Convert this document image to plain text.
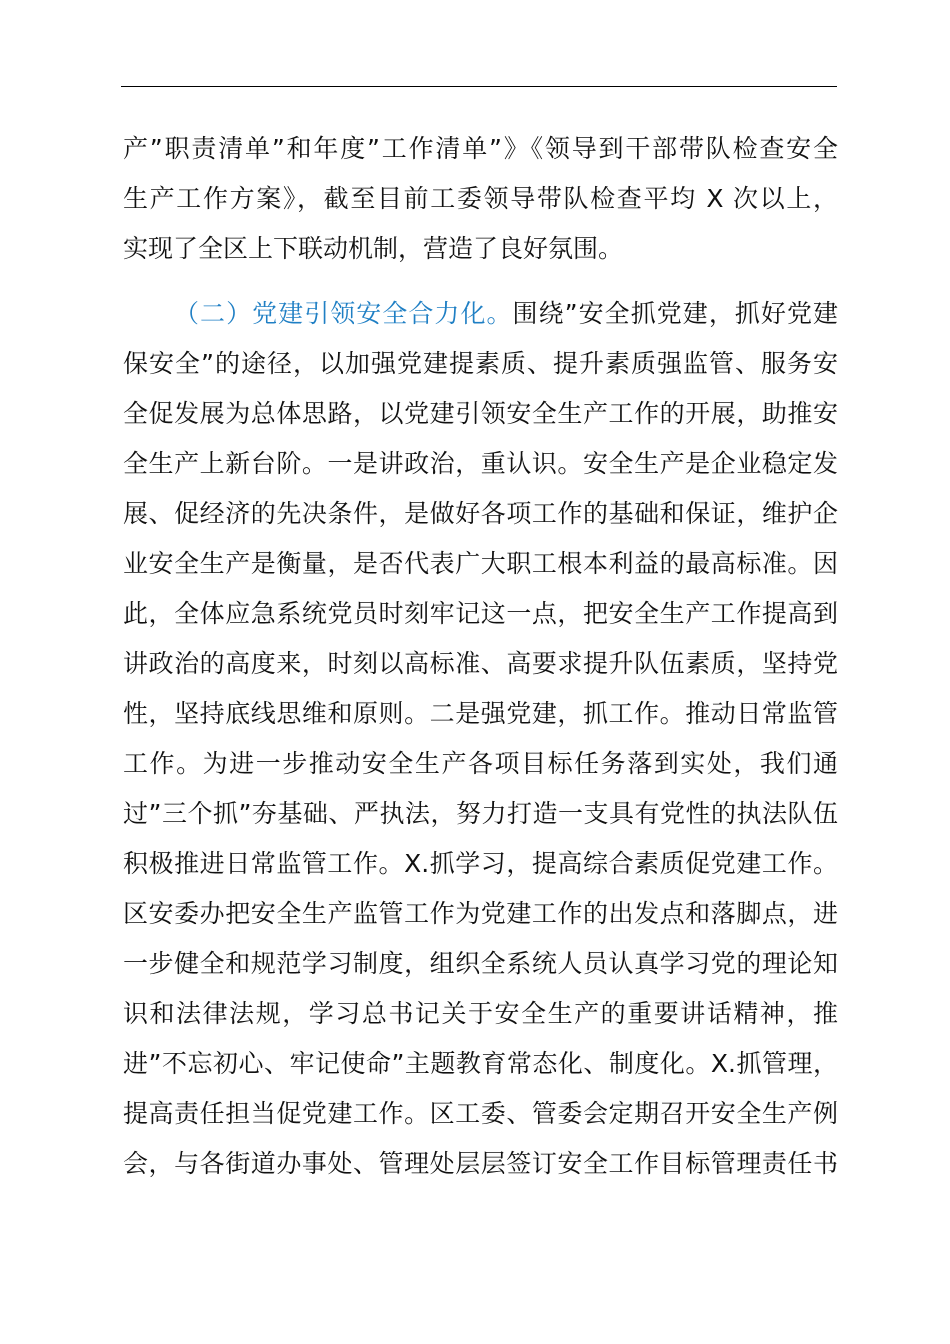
产”职责清单”和年度”工作清单”》《领导到干部带队检查安全
生产工作方案》，截至目前工委领导带队检查平均 X 次以上，
实现了全区上下联动机制，营造了良好氛围。
（二）党建引领安全合力化。围绕”安全抓党建，抓好党建
保安全”的途径，以加强党建提素质、提升素质强监管、服务安
全促发展为总体思路，以党建引领安全生产工作的开展，助推安
全生产上新台阶。一是讲政治，重认识。安全生产是企业稳定发
展、促经济的先决条件，是做好各项工作的基础和保证，维护企
业安全生产是衡量，是否代表广大职工根本利益的最高标准。因
此，全体应急系统党员时刻牢记这一点，把安全生产工作提高到
讲政治的高度来，时刻以高标准、高要求提升队伍素质，坚持党
性，坚持底线思维和原则。二是强党建，抓工作。推动日常监管
工作。为进一步推动安全生产各项目标任务落到实处，我们通
过”三个抓”夯基础、严执法，努力打造一支具有党性的执法队伍
积极推进日常监管工作。X.抓学习，提高综合素质促党建工作。
区安委办把安全生产监管工作为党建工作的出发点和落脚点，进
一步健全和规范学习制度，组织全系统人员认真学习党的理论知
识和法律法规，学习总书记关于安全生产的重要讲话精神，推
进”不忘初心、牢记使命”主题教育常态化、制度化。X.抓管理，
提高责任担当促党建工作。区工委、管委会定期召开安全生产例
会，与各街道办事处、管理处层层签订安全工作目标管理责任书
